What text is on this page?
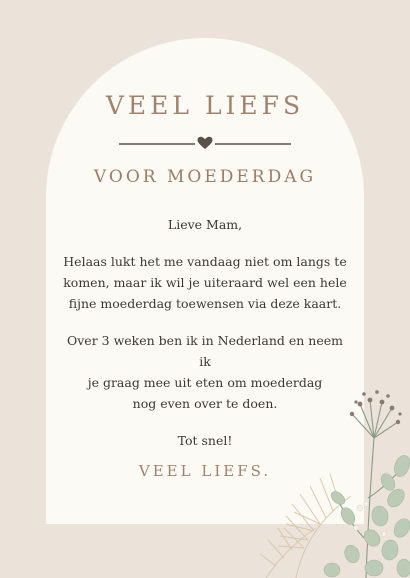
VEEL LIEFS
VOOR MOEDERDAG

Lieve Mam,

Helaas lukt het me vandaag niet om langs te
komen, maar ik wil je uiteraard wel een hele
fijne moederdag toewensen via deze kaart.

Over 3 weken ben ik in Nederland en neem ik
je graag mee uit eten om moederdag
nog even over te doen.

Tot snel!

VEEL LIEFS.
